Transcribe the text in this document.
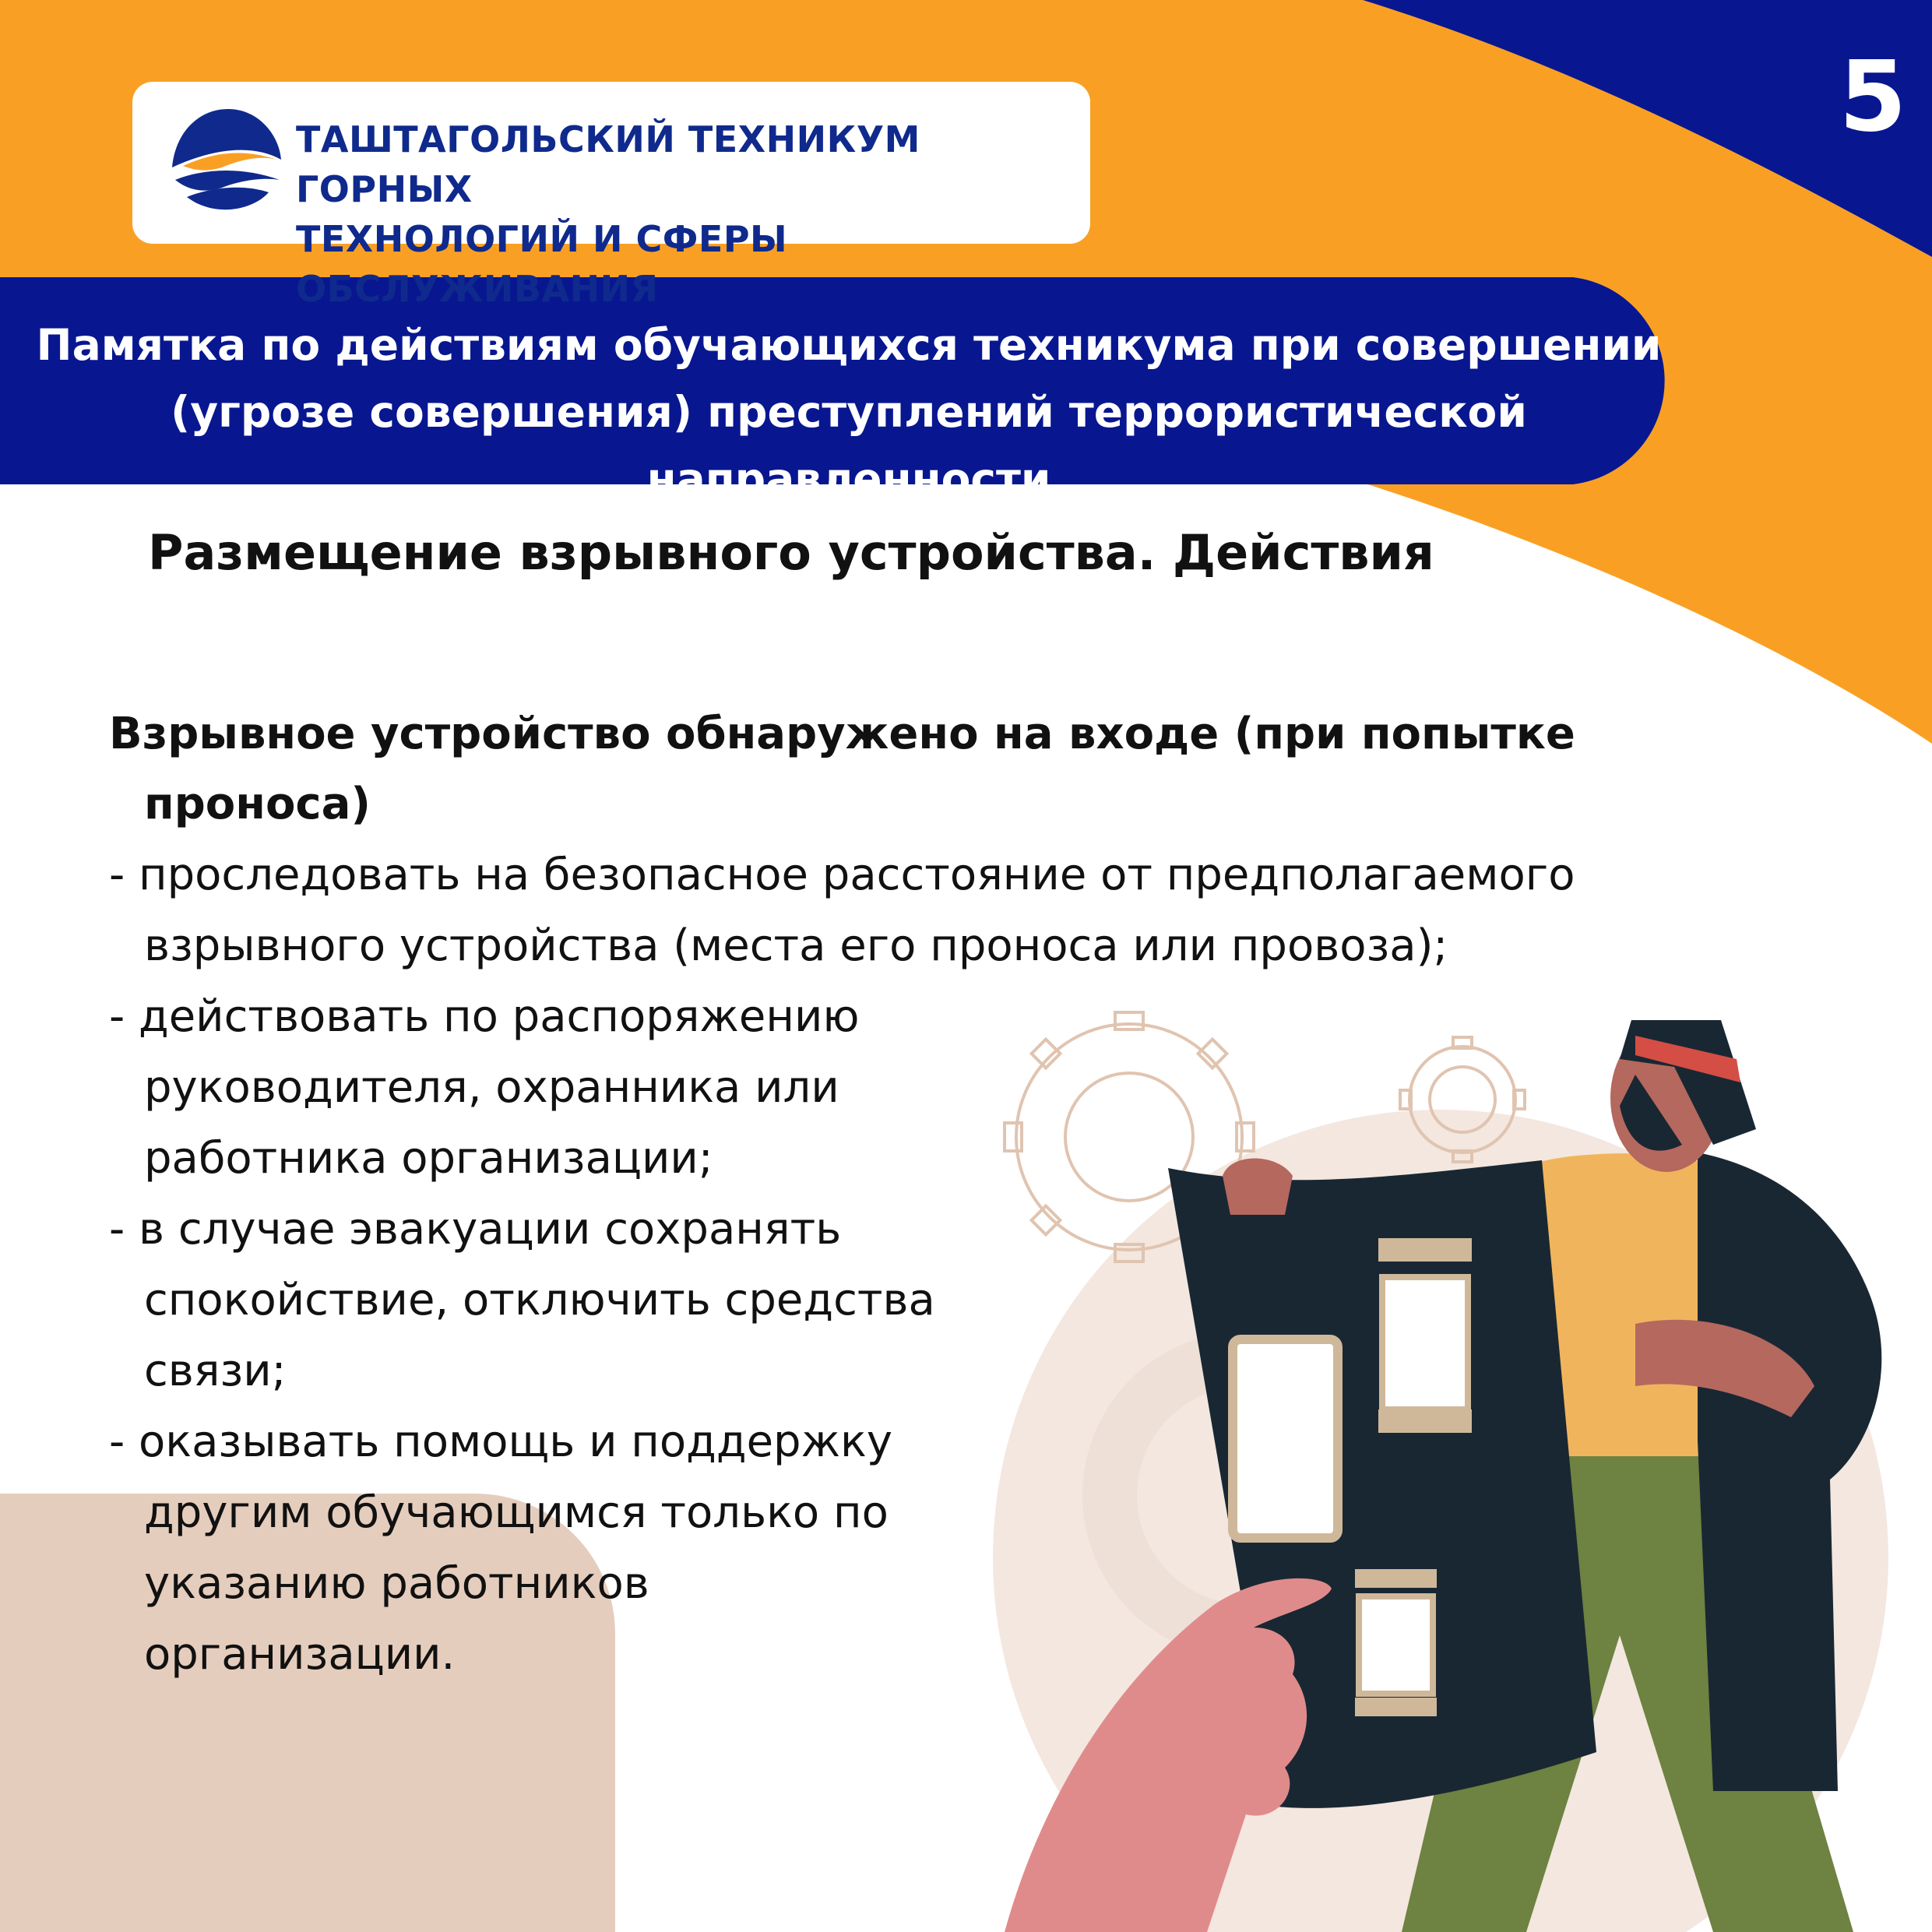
ТАШТАГОЛЬСКИЙ ТЕХНИКУМ ГОРНЫХ
ТЕХНОЛОГИЙ И СФЕРЫ ОБСЛУЖИВАНИЯ
5
Памятка по действиям обучающихся техникума при совершении
(угрозе совершения) преступлений террористической направленности
Размещение взрывного устройства. Действия

Взрывное устройство обнаружено на входе (при попытке проноса)

- проследовать на безопасное расстояние от предполагаемого взрывного устройства (места его проноса или провоза);
- действовать по распоряжению руководителя, охранника или работника организации;
- в случае эвакуации сохранять спокойствие, отключить средства связи;
- оказывать помощь и поддержку другим обучающимся только по указанию работников организации.
